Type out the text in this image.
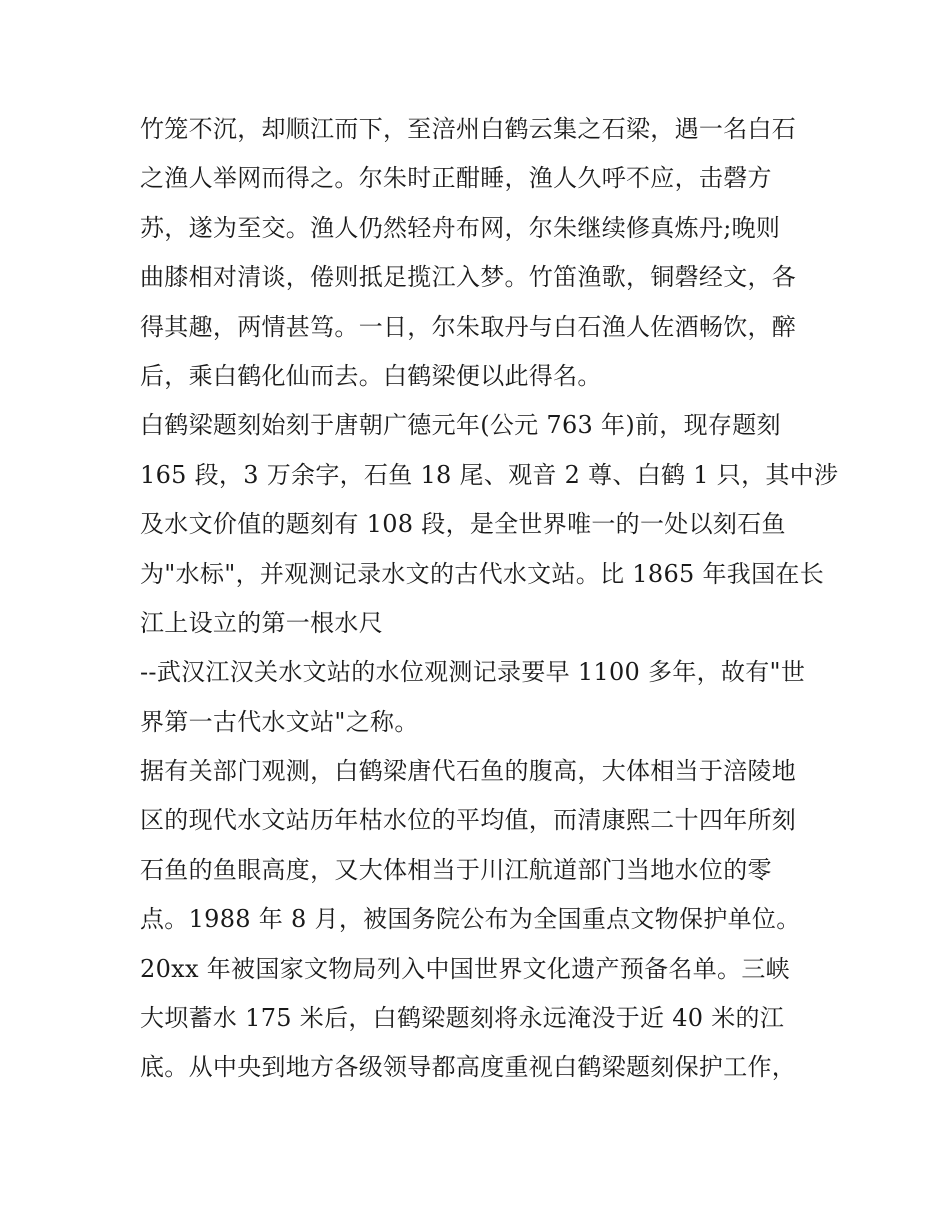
竹笼不沉，却顺江而下，至涪州白鹤云集之石梁，遇一名白石
之渔人举网而得之。尔朱时正酣睡，渔人久呼不应，击磬方
苏，遂为至交。渔人仍然轻舟布网，尔朱继续修真炼丹;晚则
曲膝相对清谈，倦则抵足揽江入梦。竹笛渔歌，铜磬经文，各
得其趣，两情甚笃。一日，尔朱取丹与白石渔人佐酒畅饮，醉
后，乘白鹤化仙而去。白鹤梁便以此得名。
白鹤梁题刻始刻于唐朝广德元年(公元 763 年)前，现存题刻
165 段，3 万余字，石鱼 18 尾、观音 2 尊、白鹤 1 只，其中涉
及水文价值的题刻有 108 段，是全世界唯一的一处以刻石鱼
为"水标"，并观测记录水文的古代水文站。比 1865 年我国在长
江上设立的第一根水尺
--武汉江汉关水文站的水位观测记录要早 1100 多年，故有"世
界第一古代水文站"之称。
据有关部门观测，白鹤梁唐代石鱼的腹高，大体相当于涪陵地
区的现代水文站历年枯水位的平均值，而清康熙二十四年所刻
石鱼的鱼眼高度，又大体相当于川江航道部门当地水位的零
点。1988 年 8 月，被国务院公布为全国重点文物保护单位。
20xx 年被国家文物局列入中国世界文化遗产预备名单。三峡
大坝蓄水 175 米后，白鹤梁题刻将永远淹没于近 40 米的江
底。从中央到地方各级领导都高度重视白鹤梁题刻保护工作，
